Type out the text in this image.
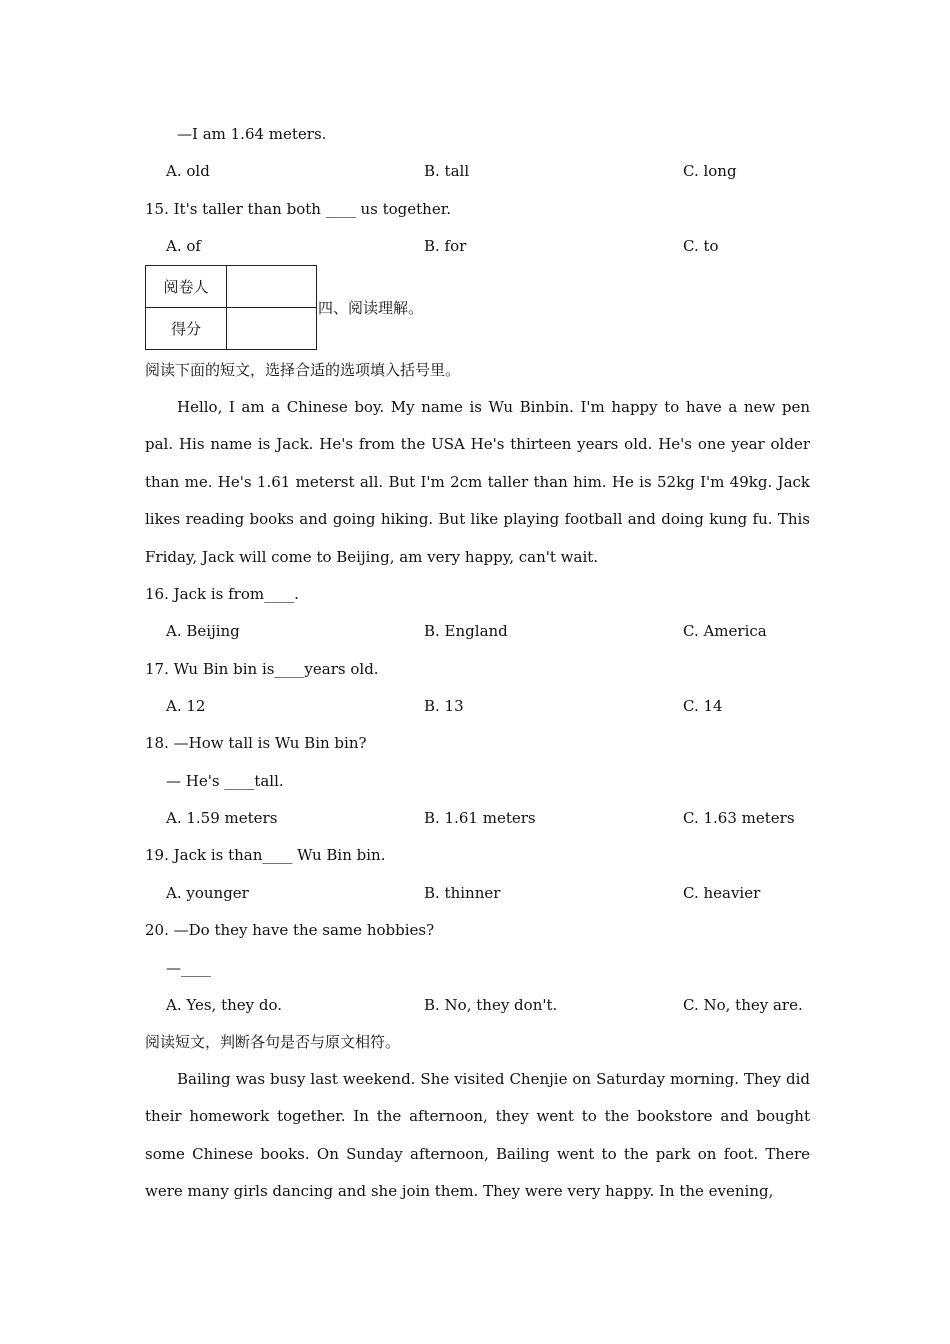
—I am 1.64 meters.
A. old	B. tall	C. long
15. It's taller than both ____ us together.
A. of	B. for	C. to
阅卷人	
得分	
四、阅读理解。
阅读下面的短文，选择合适的选项填入括号里。

Hello, I am a Chinese boy. My name is Wu Binbin. I'm happy to have a new pen pal. His name is Jack. He's from the USA He's thirteen years old. He's one year older than me. He's 1.61 meterst all. But I'm 2cm taller than him. He is 52kg I'm 49kg. Jack likes reading books and going hiking. But like playing football and doing kung fu. This Friday, Jack will come to Beijing, am very happy, can't wait.

16. Jack is from____.
A. Beijing	B. England	C. America
17. Wu Bin bin is____years old.
A. 12	B. 13	C. 14
18. —How tall is Wu Bin bin?
— He's ____tall.
A. 1.59 meters	B. 1.61 meters	C. 1.63 meters
19. Jack is than____ Wu Bin bin.
A. younger	B. thinner	C. heavier
20. —Do they have the same hobbies?
—____
A. Yes, they do.	B. No, they don't.	C. No, they are.
阅读短文，判断各句是否与原文相符。

Bailing was busy last weekend. She visited Chenjie on Saturday morning. They did their homework together. In the afternoon, they went to the bookstore and bought some Chinese books. On Sunday afternoon, Bailing went to the park on foot. There were many girls dancing and she join them. They were very happy. In the evening,
